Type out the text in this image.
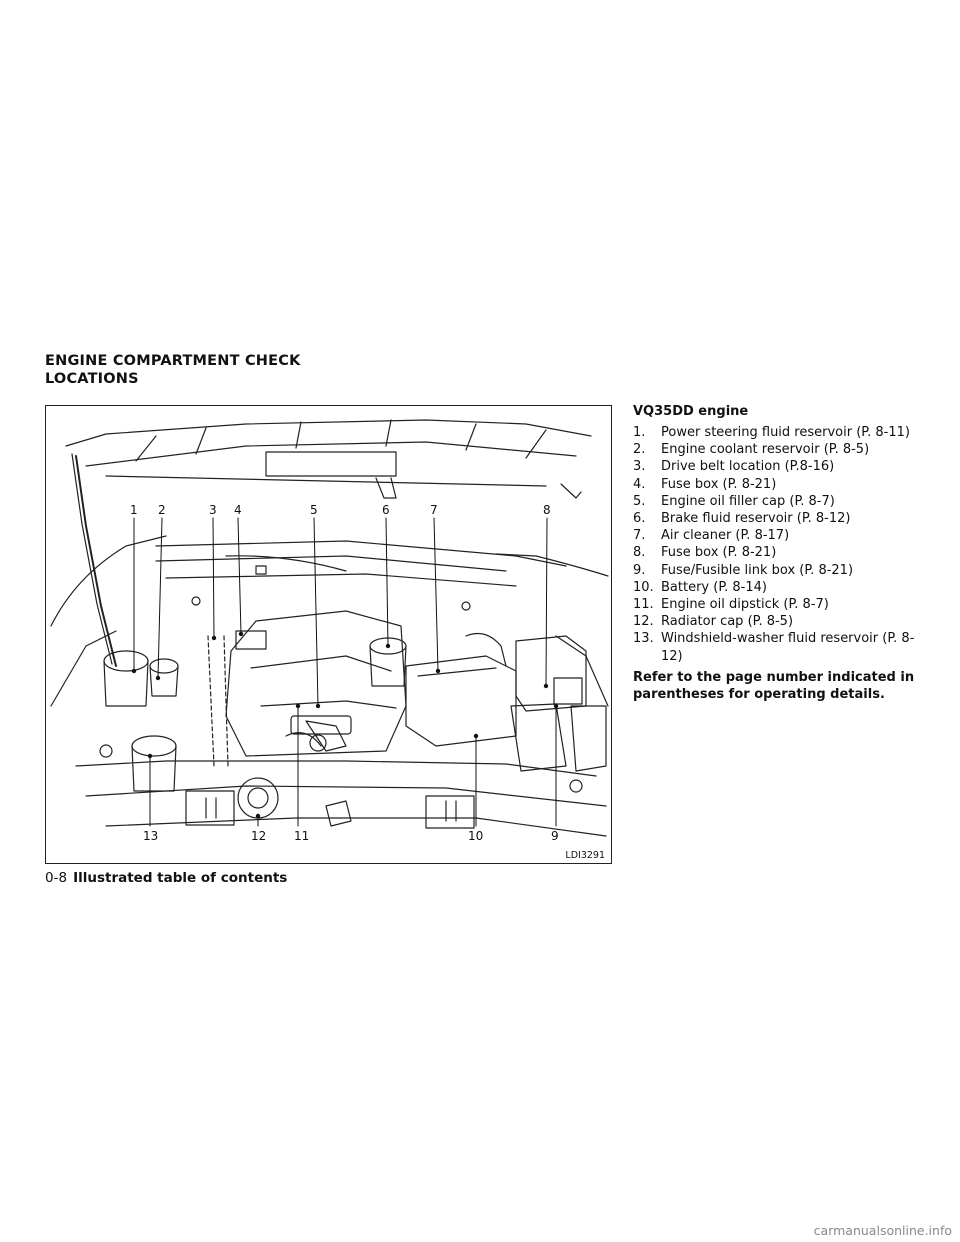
ENGINE COMPARTMENT CHECK
LOCATIONS
1 2	3 4	5	6	7	8
9
10
11
12
13
LDI3291
VQ35DD engine
1.	Power steering fluid reservoir (P. 8-11)
2.	Engine coolant reservoir (P. 8-5)
3.	Drive belt location (P.8-16)
4.	Fuse box (P. 8-21)
5.	Engine oil filler cap (P. 8-7)
6.	Brake fluid reservoir (P. 8-12)
7.	Air cleaner (P. 8-17)
8.	Fuse box (P. 8-21)
9.	Fuse/Fusible link box (P. 8-21)
10. Battery (P. 8-14)
11. Engine oil dipstick (P. 8-7)
12. Radiator cap (P. 8-5)
13. Windshield-washer fluid reservoir (P. 8-12)

Refer to the page number indicated in parentheses for operating details.

0-8 Illustrated table of contents
carmanualsonline.info
